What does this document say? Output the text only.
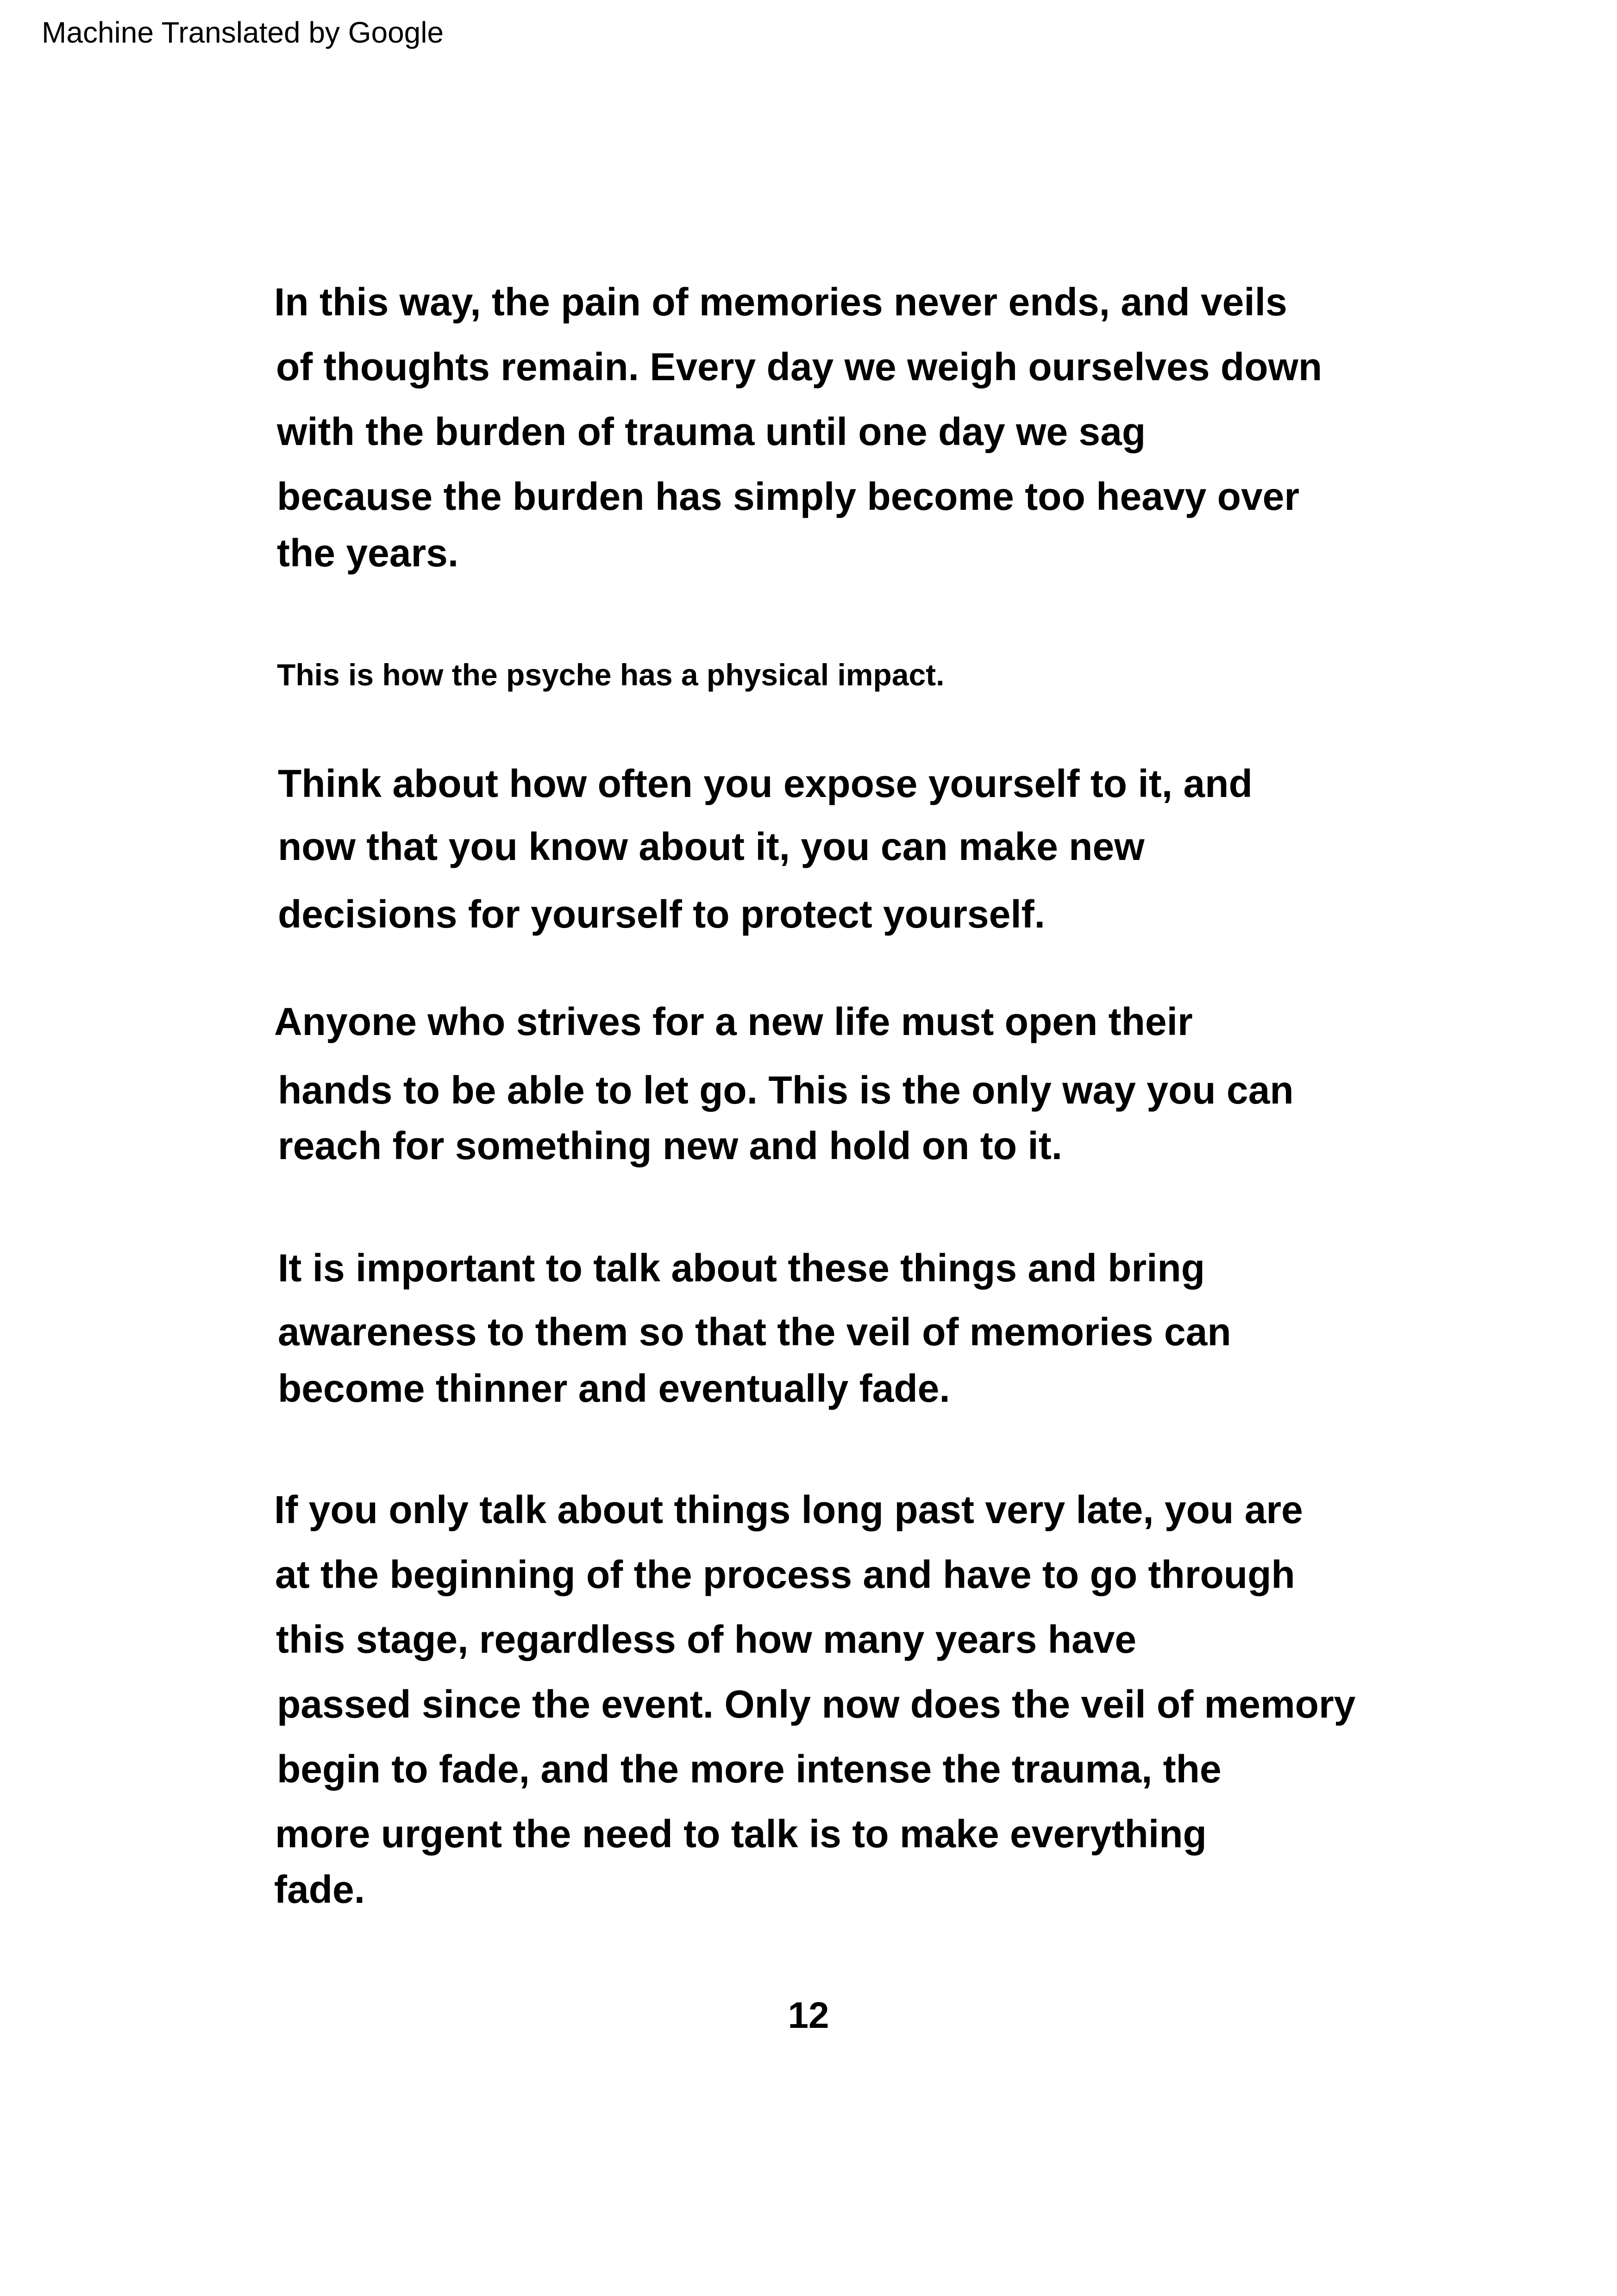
Machine Translated by Google
In this way, the pain of memories never ends, and veils
of thoughts remain. Every day we weigh ourselves down
with the burden of trauma until one day we sag
because the burden has simply become too heavy over
the years.
This is how the psyche has a physical impact.
Think about how often you expose yourself to it, and
now that you know about it, you can make new
decisions for yourself to protect yourself.
Anyone who strives for a new life must open their
hands to be able to let go. This is the only way you can
reach for something new and hold on to it.
It is important to talk about these things and bring
awareness to them so that the veil of memories can
become thinner and eventually fade.
If you only talk about things long past very late, you are
at the beginning of the process and have to go through
this stage, regardless of how many years have
passed since the event. Only now does the veil of memory
begin to fade, and the more intense the trauma, the
more urgent the need to talk is to make everything
fade.
12
